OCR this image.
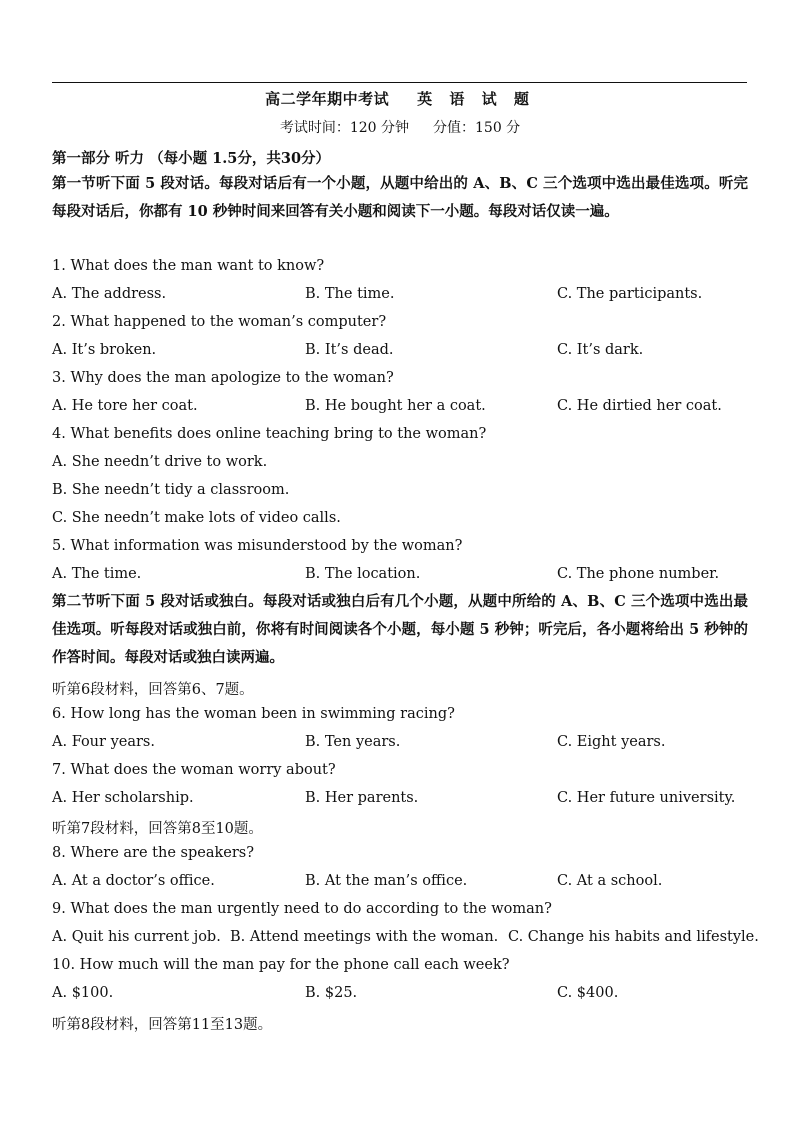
高二学年期中考试 英 语 试 题
考试时间：120 分钟 分值：150 分
第一部分 听力 （每小题 1.5分，共30分）
第一节听下面 5 段对话。每段对话后有一个小题，从题中给出的 A、B、C 三个选项中选出最佳选项。听完每段对话后，你都有 10 秒钟时间来回答有关小题和阅读下一小题。每段对话仅读一遍。
1. What does the man want to know?
A. The address.	B. The time.	C. The participants.
2. What happened to the woman’s computer?
A. It’s broken.	B. It’s dead.	C. It’s dark.
3. Why does the man apologize to the woman?
A. He tore her coat.	B. He bought her a coat.	C. He dirtied her coat.
4. What benefits does online teaching bring to the woman?
A. She needn’t drive to work.
B. She needn’t tidy a classroom.
C. She needn’t make lots of video calls.
5. What information was misunderstood by the woman?
A. The time.	B. The location.	C. The phone number.
第二节听下面 5 段对话或独白。每段对话或独白后有几个小题，从题中所给的 A、B、C 三个选项中选出最佳选项。听每段对话或独白前，你将有时间阅读各个小题，每小题 5 秒钟；听完后，各小题将给出 5 秒钟的作答时间。每段对话或独白读两遍。
听第6段材料，回答第6、7题。
6. How long has the woman been in swimming racing?
A. Four years.	B. Ten years.	C. Eight years.
7. What does the woman worry about?
A. Her scholarship.	B. Her parents.	C. Her future university.
听第7段材料，回答第8至10题。
8. Where are the speakers?
A. At a doctor’s office.	B. At the man’s office.	C. At a school.
9. What does the man urgently need to do according to the woman?
A. Quit his current job. B. Attend meetings with the woman. C. Change his habits and lifestyle.
10. How much will the man pay for the phone call each week?
A. $100.	B. $25.	C. $400.
听第8段材料，回答第11至13题。
